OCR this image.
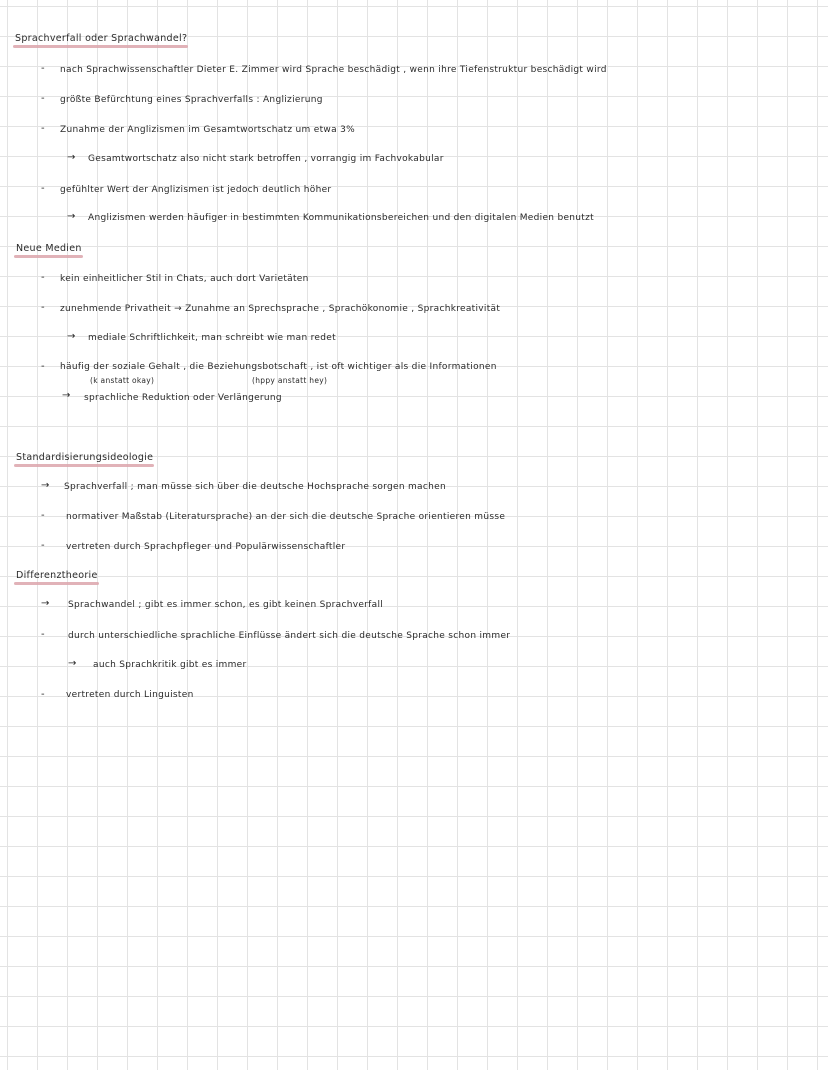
Sprachverfall oder Sprachwandel?
- nach Sprachwissenschaftler Dieter E. Zimmer wird Sprache beschädigt , wenn ihre Tiefenstruktur beschädigt wird
- größte Befürchtung eines Sprachverfalls : Anglizierung
- Zunahme der Anglizismen im Gesamtwortschatz um etwa 3%
→ Gesamtwortschatz also nicht stark betroffen , vorrangig im Fachvokabular
- gefühlter Wert der Anglizismen ist jedoch deutlich höher
→ Anglizismen werden häufiger in bestimmten Kommunikationsbereichen und den digitalen Medien benutzt
Neue Medien
- kein einheitlicher Stil in Chats, auch dort Varietäten
- zunehmende Privatheit → Zunahme an Sprechsprache , Sprachökonomie , Sprachkreativität
→ mediale Schriftlichkeit, man schreibt wie man redet
- häufig der soziale Gehalt , die Beziehungsbotschaft , ist oft wichtiger als die Informationen
(k anstatt okay)	(hppy anstatt hey)
→ sprachliche Reduktion oder Verlängerung
Standardisierungsideologie
→ Sprachverfall ; man müsse sich über die deutsche Hochsprache sorgen machen
- normativer Maßstab (Literatursprache) an der sich die deutsche Sprache orientieren müsse
- vertreten durch Sprachpfleger und Populärwissenschaftler
Differenztheorie
→ Sprachwandel ; gibt es immer schon, es gibt keinen Sprachverfall
-	durch unterschiedliche sprachliche Einflüsse ändert sich die deutsche Sprache schon immer
→ auch Sprachkritik gibt es immer
- vertreten durch Linguisten
